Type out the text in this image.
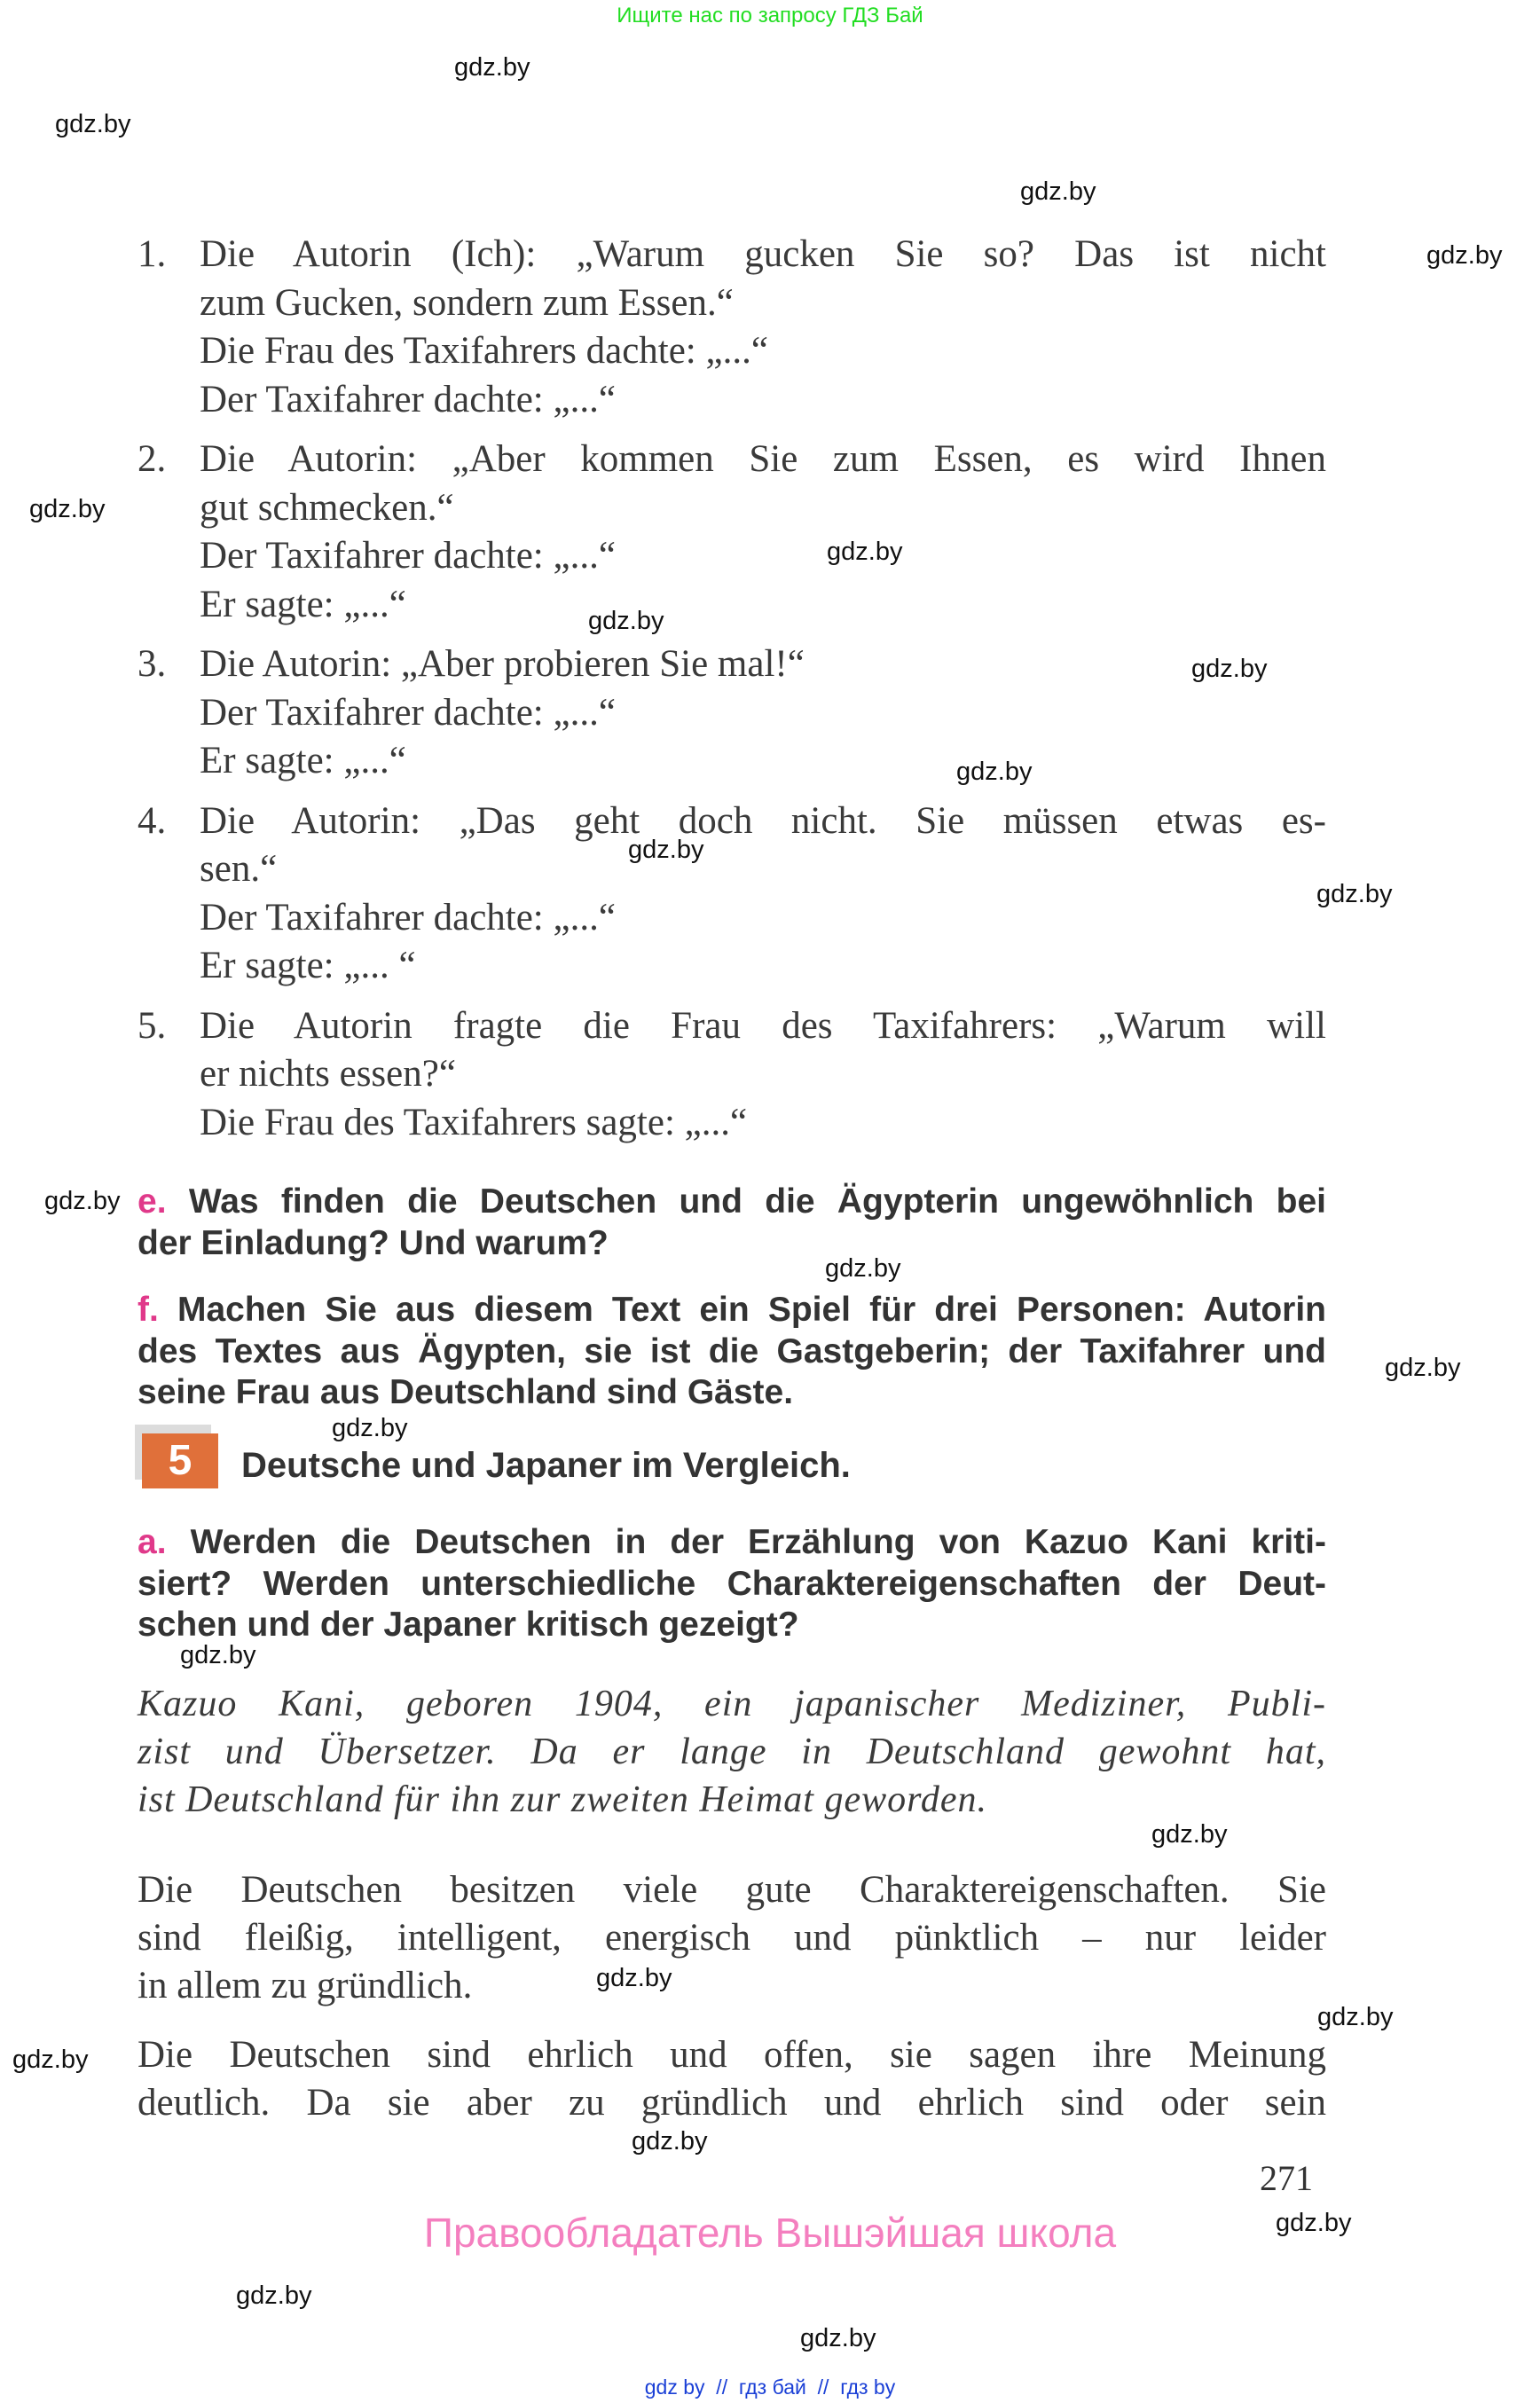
Ищите нас по запросу ГДЗ Бай
gdz.by
gdz.by
gdz.by
gdz.by
gdz.by
gdz.by
gdz.by
gdz.by
gdz.by
gdz.by
gdz.by
gdz.by
gdz.by
gdz.by
gdz.by
gdz.by
gdz.by
gdz.by
gdz.by
gdz.by
gdz.by
gdz.by
gdz.by
gdz.by
1. Die Autorin (Ich): „Warum gucken Sie so? Das ist nicht
zum Gucken, sondern zum Essen.“
Die Frau des Taxifahrers dachte: „...“
Der Taxifahrer dachte: „...“
2. Die Autorin: „Aber kommen Sie zum Essen, es wird Ihnen
gut schmecken.“
Der Taxifahrer dachte: „...“
Er sagte: „...“
3. Die Autorin: „Aber probieren Sie mal!“
Der Taxifahrer dachte: „...“
Er sagte: „...“
4. Die Autorin: „Das geht doch nicht. Sie müssen etwas es-
sen.“
Der Taxifahrer dachte: „...“
Er sagte: „... “
5. Die Autorin fragte die Frau des Taxifahrers: „Warum will
er nichts essen?“
Die Frau des Taxifahrers sagte: „...“
e. Was finden die Deutschen und die Ägypterin ungewöhnlich bei
der Einladung? Und warum?
f. Machen Sie aus diesem Text ein Spiel für drei Personen: Autorin
des Textes aus Ägypten, sie ist die Gastgeberin; der Taxifahrer und
seine Frau aus Deutschland sind Gäste.
5	Deutsche und Japaner im Vergleich.
a. Werden die Deutschen in der Erzählung von Kazuo Kani kriti-
siert? Werden unterschiedliche Charaktereigenschaften der Deut-
schen und der Japaner kritisch gezeigt?
Kazuo Kani, geboren 1904, ein japanischer Mediziner, Publi-
zist und Übersetzer. Da er lange in Deutschland gewohnt hat,
ist Deutschland für ihn zur zweiten Heimat geworden.
Die Deutschen besitzen viele gute Charaktereigenschaften. Sie
sind fleißig, intelligent, energisch und pünktlich – nur leider
in allem zu gründlich.
Die Deutschen sind ehrlich und offen, sie sagen ihre Meinung
deutlich. Da sie aber zu gründlich und ehrlich sind oder sein
271
Правообладатель Вышэйшая школа
gdz by  //  гдз бай  //  гдз by
